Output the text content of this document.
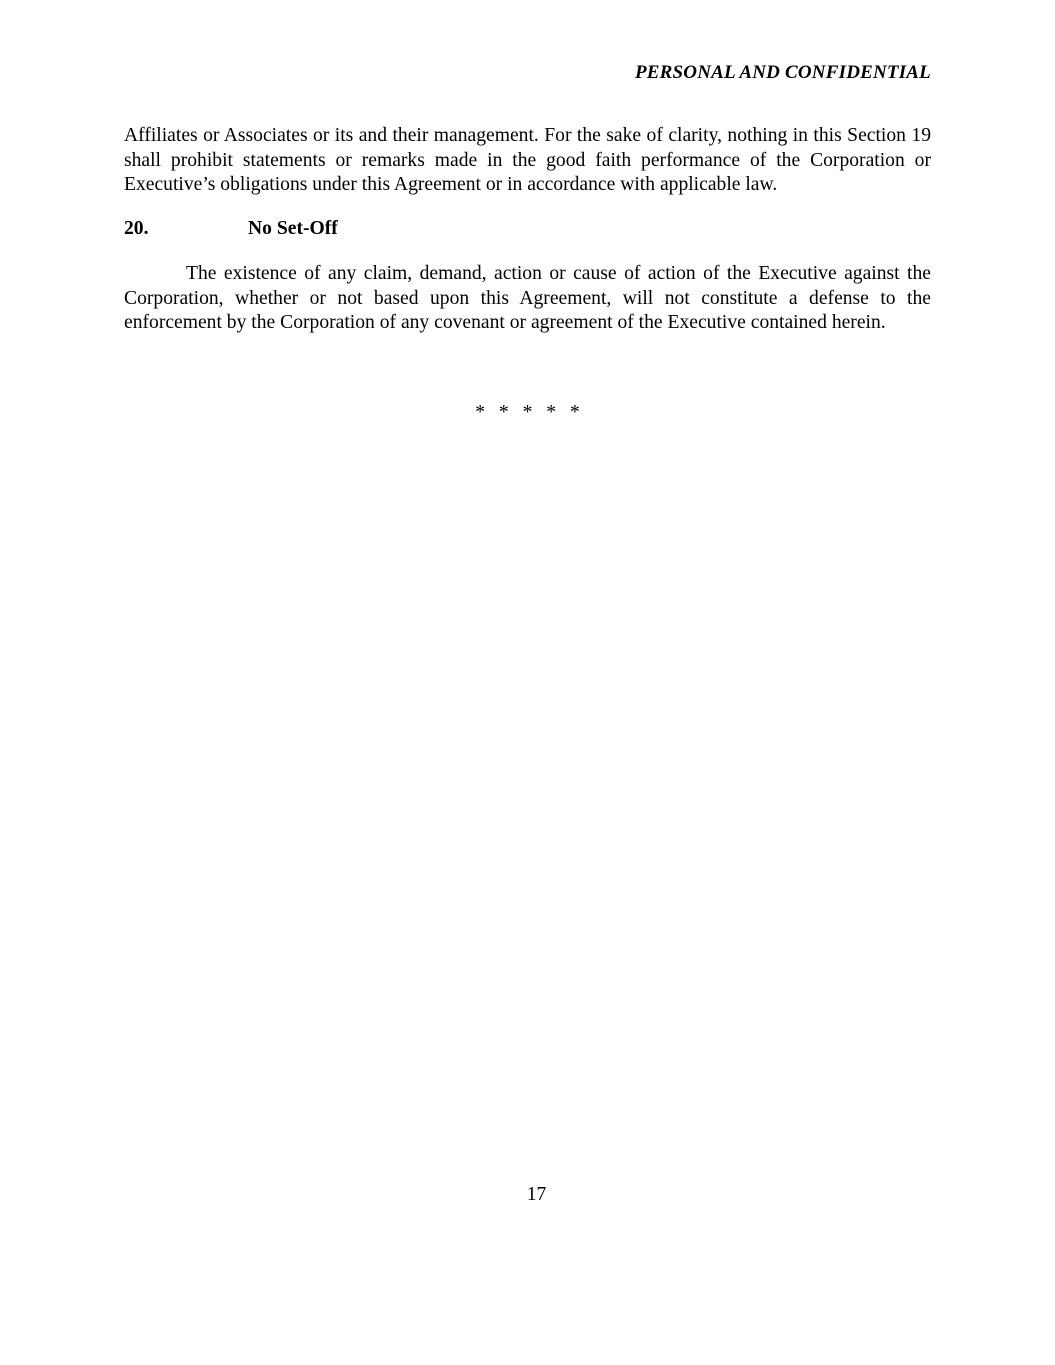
PERSONAL AND CONFIDENTIAL
Affiliates or Associates or its and their management. For the sake of clarity, nothing in this Section 19 shall prohibit statements or remarks made in the good faith performance of the Corporation or Executive’s obligations under this Agreement or in accordance with applicable law.
20.	No Set-Off
The existence of any claim, demand, action or cause of action of the Executive against the Corporation, whether or not based upon this Agreement, will not constitute a defense to the enforcement by the Corporation of any covenant or agreement of the Executive contained herein.
* * * * *
17
